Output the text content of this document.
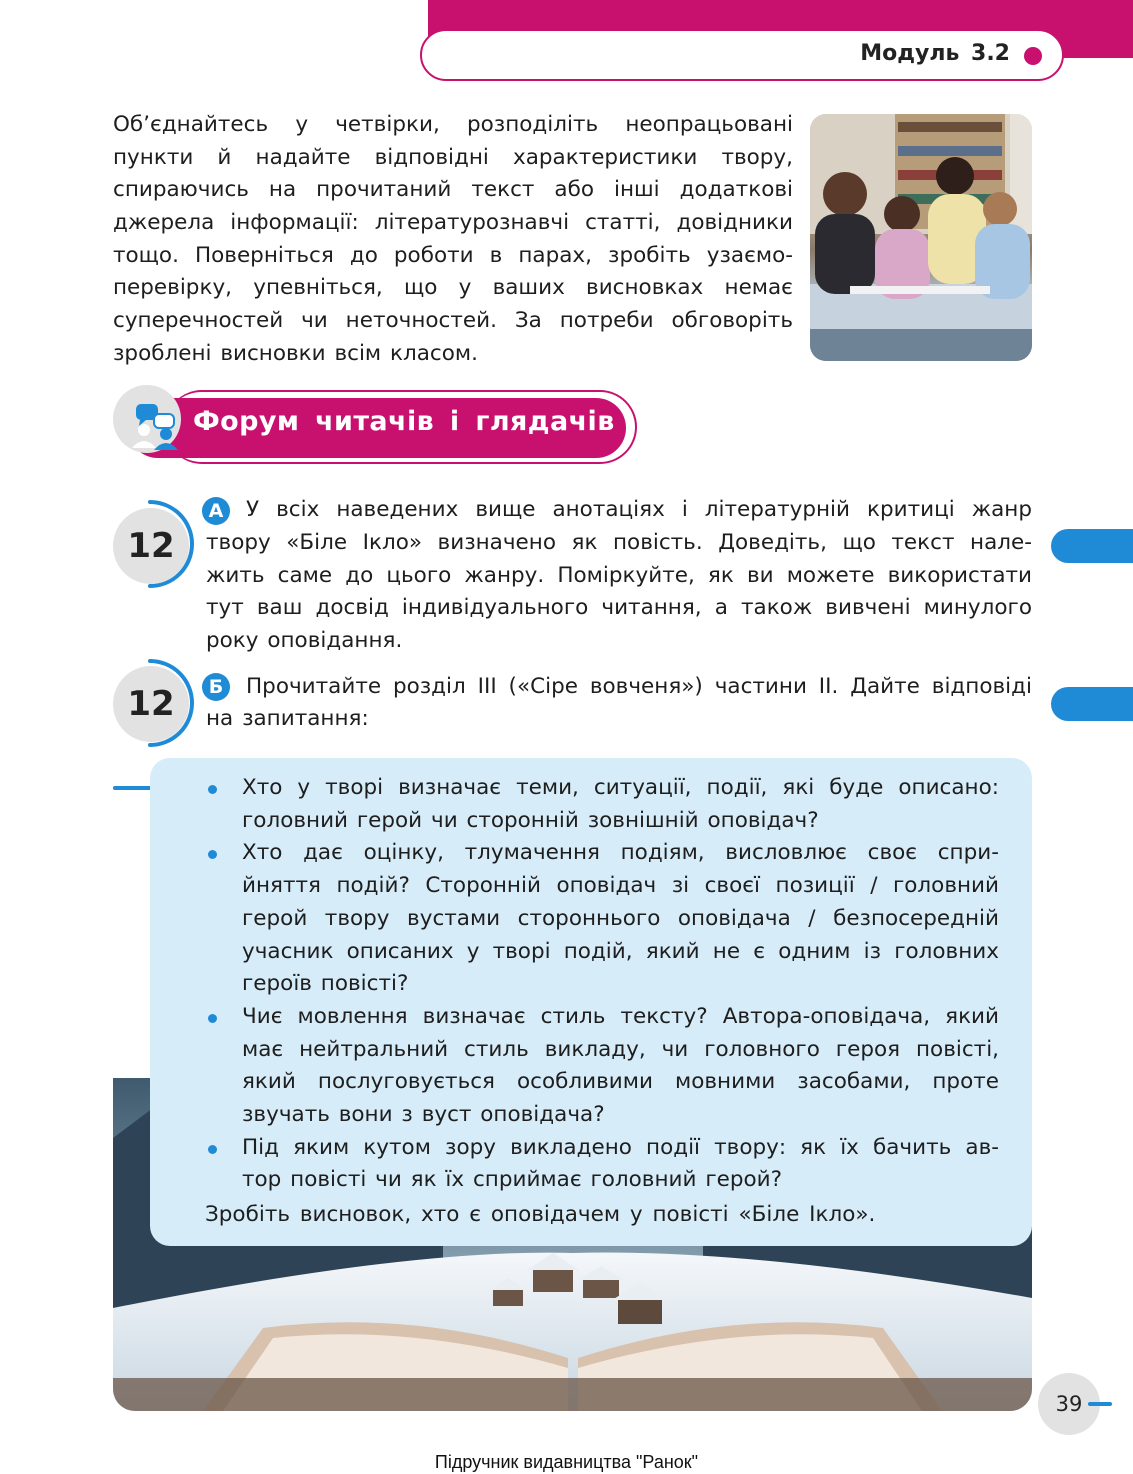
Модуль 3.2

Об’єднайтесь у четвірки, розподіліть неопрацьовані

пункти й надайте відповідні характеристики твору,

спираючись на прочитаний текст або інші додаткові

джерела інформації: літературознавчі статті, довідники

тощо. Поверніться до роботи в парах, зробіть узаємо-

перевірку, упевніться, що у ваших висновках немає

суперечностей чи неточностей. За потреби обговоріть

зроблені висновки всім класом.

Форум читачів і глядачів
12
А	У всіх наведених вище анотаціях і літературній критиці жанр

твору «Біле Ікло» визначено як повість. Доведіть, що текст нале-

жить саме до цього жанру. Поміркуйте, як ви можете використати

тут ваш досвід індивідуального читання, а також вивчені минулого

року оповідання.

12	Б	Прочитайте розділ ІІІ («Сіре вовченя») частини ІІ. Дайте відповіді

на запитання:

Хто у творі визначає теми, ситуації, події, які буде описано:
головний герой чи сторонній зовнішній оповідач?
Хто дає оцінку, тлумачення подіям, висловлює своє спри-
йняття подій? Сторонній оповідач зі своєї позиції / головний
герой твору вустами стороннього оповідача / безпосередній
учасник описаних у творі подій, який не є одним із головних
героїв повісті?
Чиє мовлення визначає стиль тексту? Автора-оповідача, який
має нейтральний стиль викладу, чи головного героя повісті,
який послуговується особливими мовними засобами, проте
звучать вони з вуст оповідача?
Під яким кутом зору викладено події твору: як їх бачить ав-
тор повісті чи як їх сприймає головний герой?

Зробіть висновок, хто є оповідачем у повісті «Біле Ікло».

39
Підручник видавництва "Ранок"
